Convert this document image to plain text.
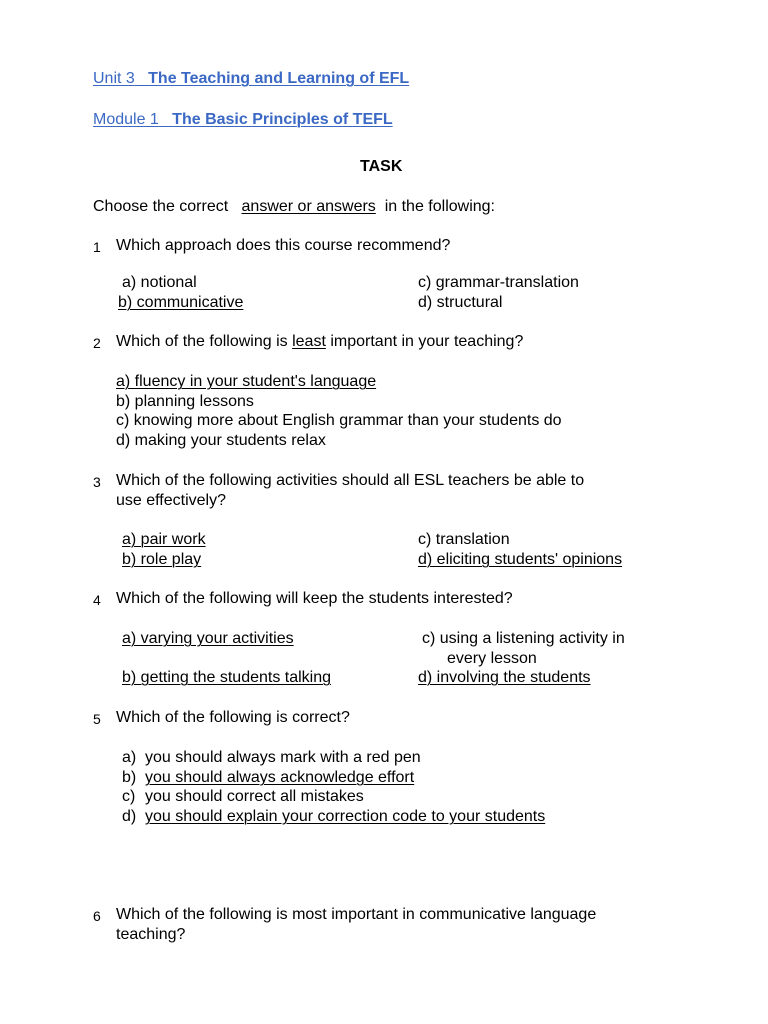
Unit 3 The Teaching and Learning of EFL
Module 1 The Basic Principles of TEFL
TASK
Choose the correct answer or answers in the following:
1 Which approach does this course recommend?
a) notional
b) communicative
c) grammar-translation
d) structural
2 Which of the following is least important in your teaching?
a) fluency in your student's language
b) planning lessons
c) knowing more about English grammar than your students do
d) making your students relax
3 Which of the following activities should all ESL teachers be able to
use effectively?
a) pair work
b) role play
c) translation
d) eliciting students' opinions
4 Which of the following will keep the students interested?
a) varying your activities
b) getting the students talking
c) using a listening activity in
every lesson
d) involving the students
5 Which of the following is correct?
a) you should always mark with a red pen
b) you should always acknowledge effort
c) you should correct all mistakes
d) you should explain your correction code to your students
6 Which of the following is most important in communicative language
teaching?
